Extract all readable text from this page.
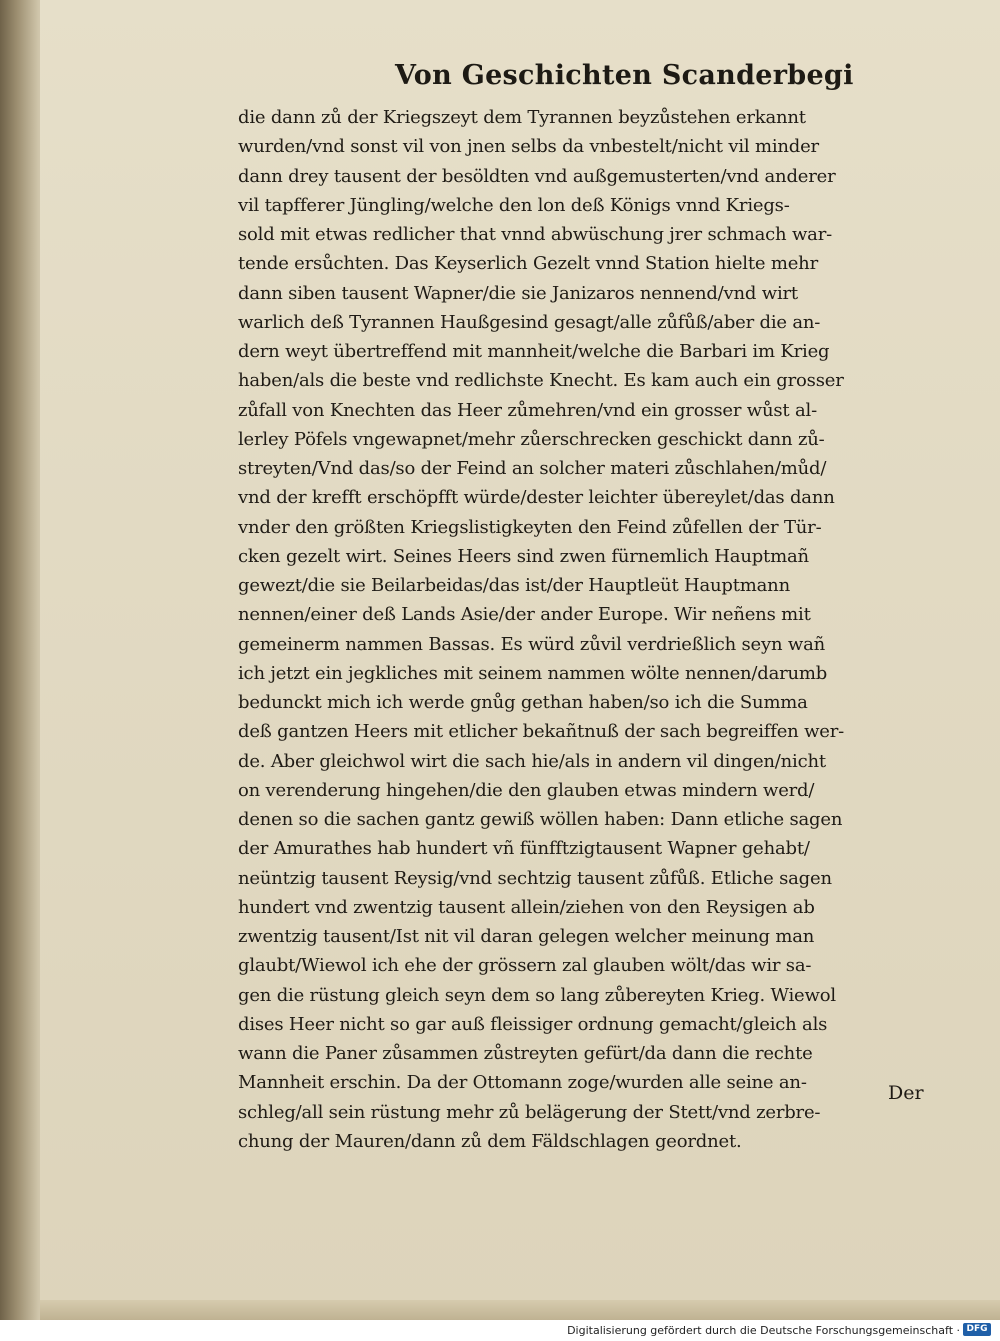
Von Geschichten Scanderbegi
die dann zů der Kriegszeyt dem Tyrannen beyzůstehen erkannt
wurden/vnd sonst vil von jnen selbs da vnbestelt/nicht vil minder
dann drey tausent der besöldten vnd außgemusterten/vnd anderer
vil tapfferer Jüngling/welche den lon deß Königs vnnd Kriegs-
sold mit etwas redlicher that vnnd abwüschung jrer schmach war-
tende ersůchten. Das Keyserlich Gezelt vnnd Station hielte mehr
dann siben tausent Wapner/die sie Janizaros nennend/vnd wirt
warlich deß Tyrannen Haußgesind gesagt/alle zůfůß/aber die an-
dern weyt übertreffend mit mannheit/welche die Barbari im Krieg
haben/als die beste vnd redlichste Knecht. Es kam auch ein grosser
zůfall von Knechten das Heer zůmehren/vnd ein grosser wůst al-
lerley Pöfels vngewapnet/mehr zůerschrecken geschickt dann zů-
streyten/Vnd das/so der Feind an solcher materi zůschlahen/můd/
vnd der krefft erschöpfft würde/dester leichter übereylet/das dann
vnder den größten Kriegslistigkeyten den Feind zůfellen der Tür-
cken gezelt wirt. Seines Heers sind zwen fürnemlich Hauptmañ
gewezt/die sie Beilarbeidas/das ist/der Hauptleüt Hauptmann
nennen/einer deß Lands Asie/der ander Europe. Wir neñens mit
gemeinerm nammen Bassas. Es würd zůvil verdrießlich seyn wañ
ich jetzt ein jegkliches mit seinem nammen wölte nennen/darumb
bedunckt mich ich werde gnůg gethan haben/so ich die Summa
deß gantzen Heers mit etlicher bekañtnuß der sach begreiffen wer-
de. Aber gleichwol wirt die sach hie/als in andern vil dingen/nicht
on verenderung hingehen/die den glauben etwas mindern werd/
denen so die sachen gantz gewiß wöllen haben: Dann etliche sagen
der Amurathes hab hundert vñ fünfftzigtausent Wapner gehabt/
neüntzig tausent Reysig/vnd sechtzig tausent zůfůß. Etliche sagen
hundert vnd zwentzig tausent allein/ziehen von den Reysigen ab
zwentzig tausent/Ist nit vil daran gelegen welcher meinung man
glaubt/Wiewol ich ehe der grössern zal glauben wölt/das wir sa-
gen die rüstung gleich seyn dem so lang zůbereyten Krieg. Wiewol
dises Heer nicht so gar auß fleissiger ordnung gemacht/gleich als
wann die Paner zůsammen zůstreyten gefürt/da dann die rechte
Mannheit erschin. Da der Ottomann zoge/wurden alle seine an-
schleg/all sein rüstung mehr zů belägerung der Stett/vnd zerbre-
chung der Mauren/dann zů dem Fäldschlagen geordnet.
Der
Digitalisierung gefördert durch die Deutsche Forschungsgemeinschaft · DFG
